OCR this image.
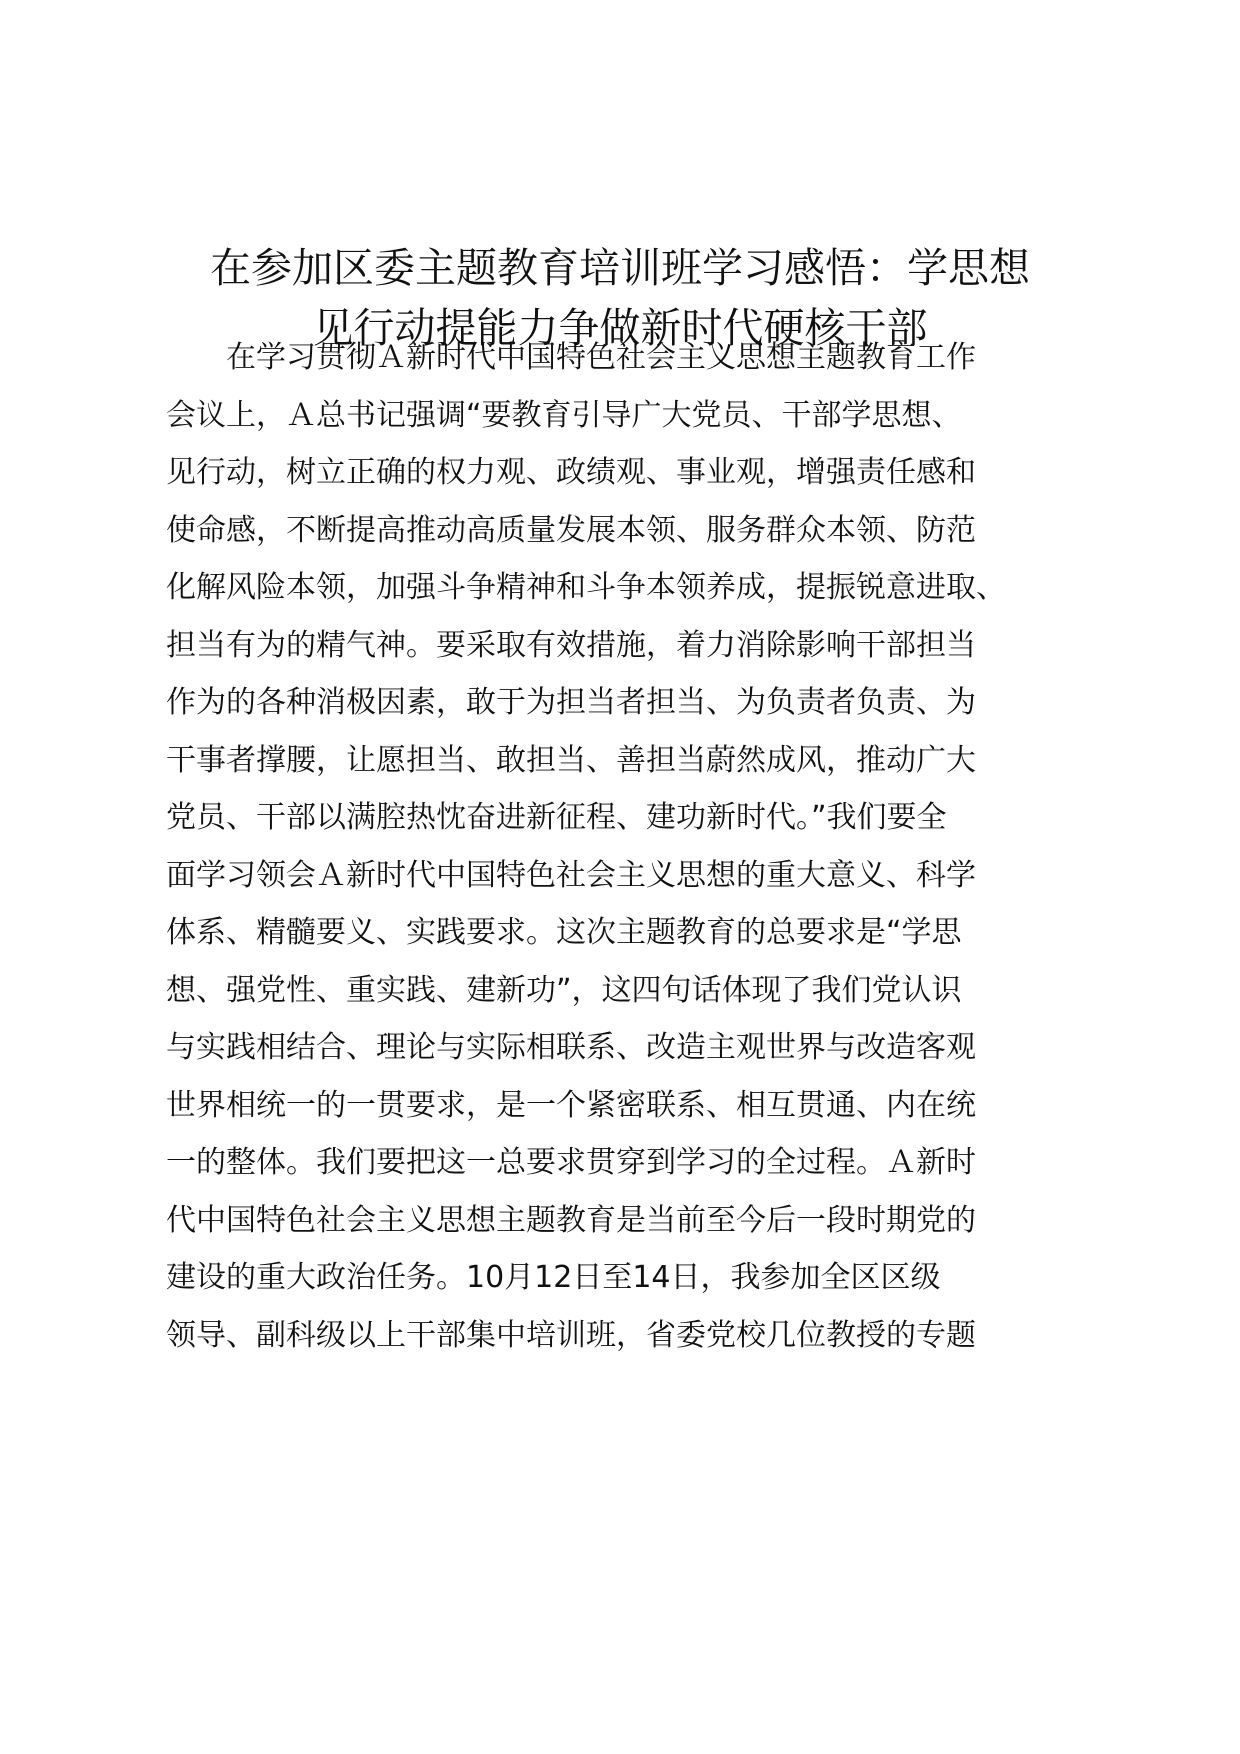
在参加区委主题教育培训班学习感悟：学思想
见行动提能力争做新时代硬核干部

　　在学习贯彻Ａ新时代中国特色社会主义思想主题教育工作

会议上，Ａ总书记强调“要教育引导广大党员、干部学思想、

见行动，树立正确的权力观、政绩观、事业观，增强责任感和

使命感，不断提高推动高质量发展本领、服务群众本领、防范

化解风险本领，加强斗争精神和斗争本领养成，提振锐意进取、

担当有为的精气神。要采取有效措施，着力消除影响干部担当

作为的各种消极因素，敢于为担当者担当、为负责者负责、为

干事者撑腰，让愿担当、敢担当、善担当蔚然成风，推动广大

党员、干部以满腔热忱奋进新征程、建功新时代。”我们要全

面学习领会Ａ新时代中国特色社会主义思想的重大意义、科学

体系、精髓要义、实践要求。这次主题教育的总要求是“学思

想、强党性、重实践、建新功”，这四句话体现了我们党认识

与实践相结合、理论与实际相联系、改造主观世界与改造客观

世界相统一的一贯要求，是一个紧密联系、相互贯通、内在统

一的整体。我们要把这一总要求贯穿到学习的全过程。Ａ新时

代中国特色社会主义思想主题教育是当前至今后一段时期党的

建设的重大政治任务。10月12日至14日，我参加全区区级

领导、副科级以上干部集中培训班，省委党校几位教授的专题
